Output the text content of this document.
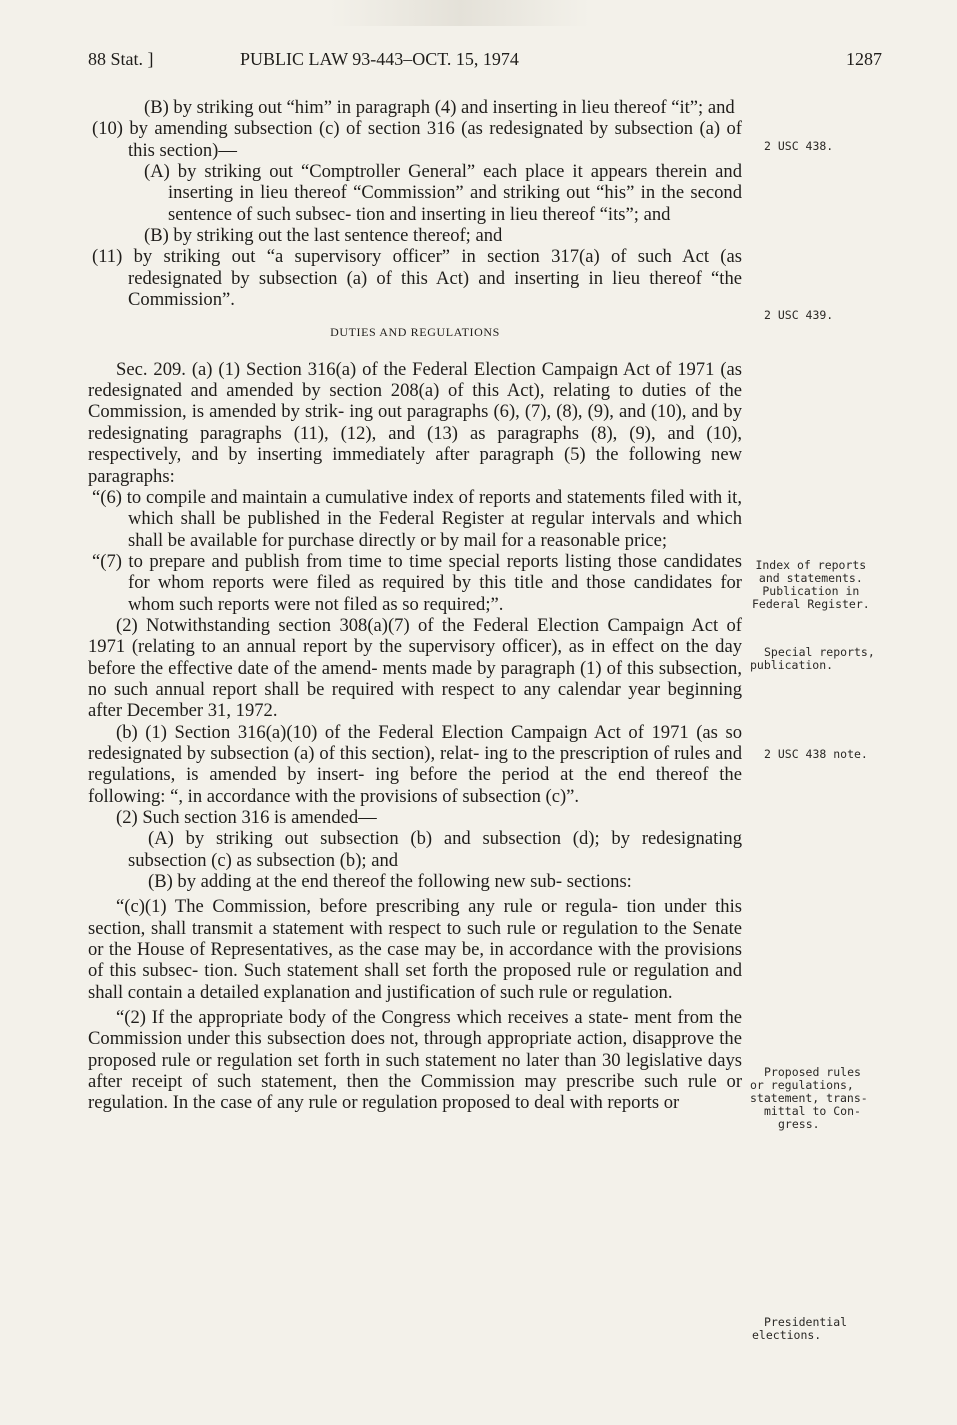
88 Stat. ]	PUBLIC LAW 93-443–OCT. 15, 1974	1287

(B) by striking out “him” in paragraph (4) and inserting in lieu thereof “it”; and

(10) by amending subsection (c) of section 316 (as redesignated by subsection (a) of this section)—

(A) by striking out “Comptroller General” each place it appears therein and inserting in lieu thereof “Commission” and striking out “his” in the second sentence of such subsec- tion and inserting in lieu thereof “its”; and

(B) by striking out the last sentence thereof; and

(11) by striking out “a supervisory officer” in section 317(a) of such Act (as redesignated by subsection (a) of this Act) and inserting in lieu thereof “the Commission”.

DUTIES AND REGULATIONS

Sec. 209. (a) (1) Section 316(a) of the Federal Election Campaign Act of 1971 (as redesignated and amended by section 208(a) of this Act), relating to duties of the Commission, is amended by strik- ing out paragraphs (6), (7), (8), (9), and (10), and by redesignating paragraphs (11), (12), and (13) as paragraphs (8), (9), and (10), respectively, and by inserting immediately after paragraph (5) the following new paragraphs:

“(6) to compile and maintain a cumulative index of reports and statements filed with it, which shall be published in the Federal Register at regular intervals and which shall be available for purchase directly or by mail for a reasonable price;

“(7) to prepare and publish from time to time special reports listing those candidates for whom reports were filed as required by this title and those candidates for whom such reports were not filed as so required;”.

(2) Notwithstanding section 308(a)(7) of the Federal Election Campaign Act of 1971 (relating to an annual report by the supervisory officer), as in effect on the day before the effective date of the amend- ments made by paragraph (1) of this subsection, no such annual report shall be required with respect to any calendar year beginning after December 31, 1972.

(b) (1) Section 316(a)(10) of the Federal Election Campaign Act of 1971 (as so redesignated by subsection (a) of this section), relat- ing to the prescription of rules and regulations, is amended by insert- ing before the period at the end thereof the following: “, in accordance with the provisions of subsection (c)”.

(2) Such section 316 is amended—

(A) by striking out subsection (b) and subsection (d); by redesignating subsection (c) as subsection (b); and

(B) by adding at the end thereof the following new sub- sections:

“(c)(1) The Commission, before prescribing any rule or regula- tion under this section, shall transmit a statement with respect to such rule or regulation to the Senate or the House of Representatives, as the case may be, in accordance with the provisions of this subsec- tion. Such statement shall set forth the proposed rule or regulation and shall contain a detailed explanation and justification of such rule or regulation.

“(2) If the appropriate body of the Congress which receives a state- ment from the Commission under this subsection does not, through appropriate action, disapprove the proposed rule or regulation set forth in such statement no later than 30 legislative days after receipt of such statement, then the Commission may prescribe such rule or regulation. In the case of any rule or regulation proposed to deal with reports or

2 USC 438.
2 USC 439.
Index of reports
and statements.
Publication in
Federal Register.
Special reports,
publication.
2 USC 438 note.
Proposed rules
or regulations,
statement, trans-
mittal to Con-
gress.
Presidential
elections.
